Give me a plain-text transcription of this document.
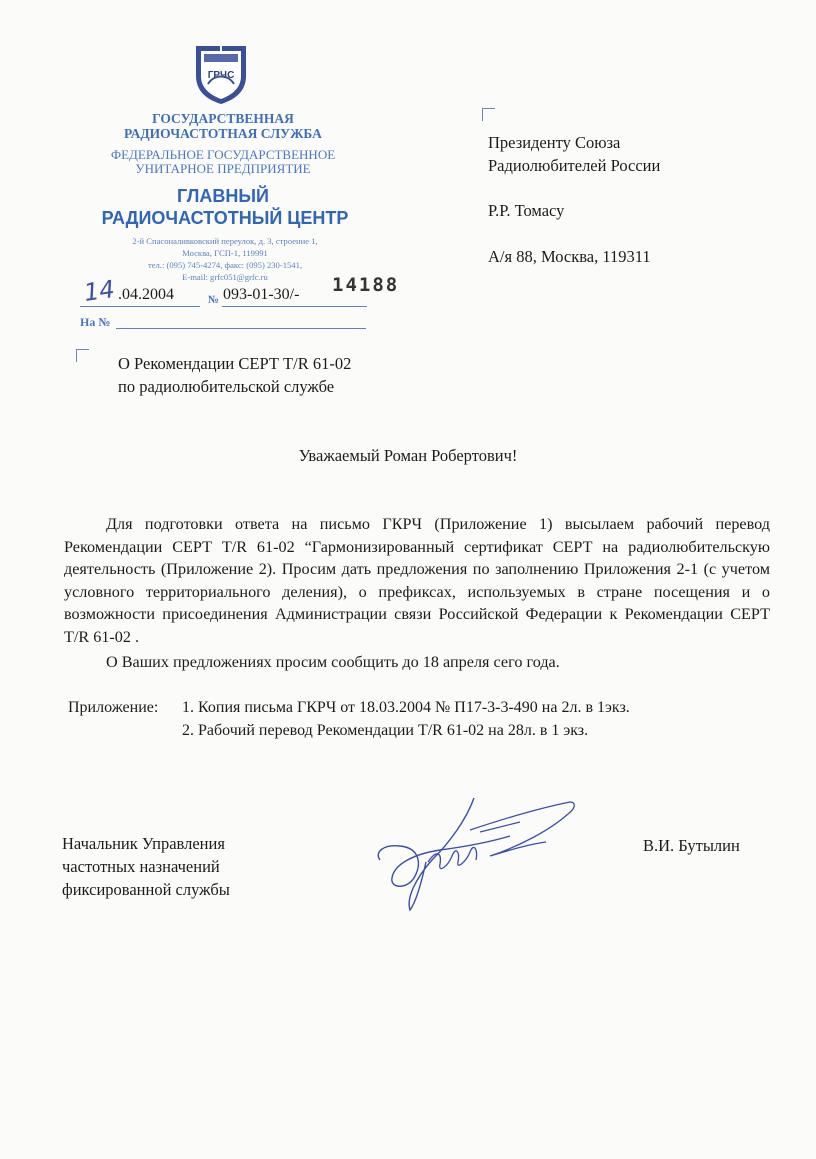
ГРЧС
ГОСУДАРСТВЕННАЯ
РАДИОЧАСТОТНАЯ СЛУЖБА
ФЕДЕРАЛЬНОЕ ГОСУДАРСТВЕННОЕ
УНИТАРНОЕ ПРЕДПРИЯТИЕ
ГЛАВНЫЙ
РАДИОЧАСТОТНЫЙ ЦЕНТР
2-й Спасоналивковский переулок, д. 3, строение 1,
Москва, ГСП-1, 119991
тел.: (095) 745-4274, факс: (095) 230-1541,
E-mail: grfc051@grfc.ru
14 .04.2004	№ 093-01-30/- 14188
На №
Президенту Союза
Радиолюбителей России
Р.Р. Томасу
А/я 88, Москва, 119311
О Рекомендации СЕРТ T/R 61-02
по радиолюбительской службе
Уважаемый Роман Робертович!

Для подготовки ответа на письмо ГКРЧ (Приложение 1) высылаем рабочий перевод Рекомендации СЕРТ T/R 61-02 “Гармонизированный сертификат СЕРТ на радиолюбительскую деятельность (Приложение 2). Просим дать предложения по заполнению Приложения 2-1 (с учетом условного территориального деления), о префиксах, используемых в стране посещения и о возможности присоединения Администрации связи Российской Федерации к Рекомендации СЕРТ T/R 61-02 .

О Ваших предложениях просим сообщить до 18 апреля сего года.

Приложение: 1. Копия письма ГКРЧ от 18.03.2004 № П17-3-3-490 на 2л. в 1экз.
2. Рабочий перевод Рекомендации T/R 61-02 на 28л. в 1 экз.
Начальник Управления
частотных назначений
фиксированной службы
В.И. Бутылин
